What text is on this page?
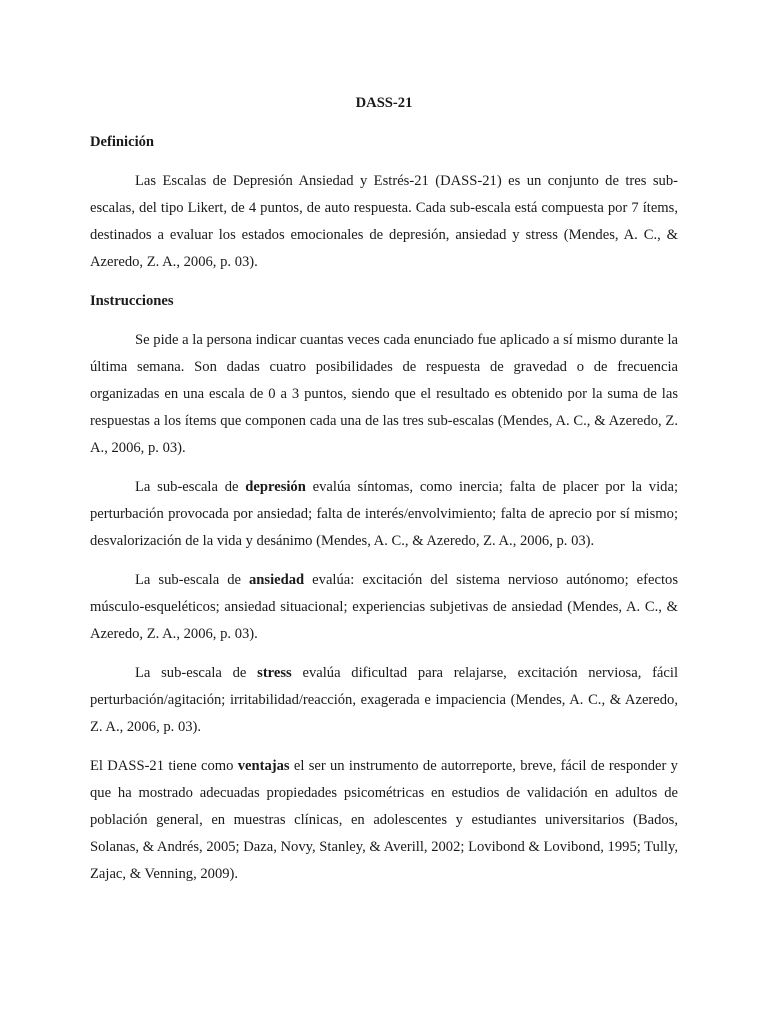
DASS-21
Definición

Las Escalas de Depresión Ansiedad y Estrés-21 (DASS-21) es un conjunto de tres sub-escalas, del tipo Likert, de 4 puntos, de auto respuesta. Cada sub-escala está compuesta por 7 ítems, destinados a evaluar los estados emocionales de depresión, ansiedad y stress (Mendes, A. C., & Azeredo, Z. A., 2006, p. 03).

Instrucciones

Se pide a la persona indicar cuantas veces cada enunciado fue aplicado a sí mismo durante la última semana. Son dadas cuatro posibilidades de respuesta de gravedad o de frecuencia organizadas en una escala de 0 a 3 puntos, siendo que el resultado es obtenido por la suma de las respuestas a los ítems que componen cada una de las tres sub-escalas (Mendes, A. C., & Azeredo, Z. A., 2006, p. 03).

La sub-escala de depresión evalúa síntomas, como inercia; falta de placer por la vida; perturbación provocada por ansiedad; falta de interés/envolvimiento; falta de aprecio por sí mismo; desvalorización de la vida y desánimo (Mendes, A. C., & Azeredo, Z. A., 2006, p. 03).

La sub-escala de ansiedad evalúa: excitación del sistema nervioso autónomo; efectos músculo-esqueléticos; ansiedad situacional; experiencias subjetivas de ansiedad (Mendes, A. C., & Azeredo, Z. A., 2006, p. 03).

La sub-escala de stress evalúa dificultad para relajarse, excitación nerviosa, fácil perturbación/agitación; irritabilidad/reacción, exagerada e impaciencia (Mendes, A. C., & Azeredo, Z. A., 2006, p. 03).

El DASS-21 tiene como ventajas el ser un instrumento de autorreporte, breve, fácil de responder y que ha mostrado adecuadas propiedades psicométricas en estudios de validación en adultos de población general, en muestras clínicas, en adolescentes y estudiantes universitarios (Bados, Solanas, & Andrés, 2005; Daza, Novy, Stanley, & Averill, 2002; Lovibond & Lovibond, 1995; Tully, Zajac, & Venning, 2009).
